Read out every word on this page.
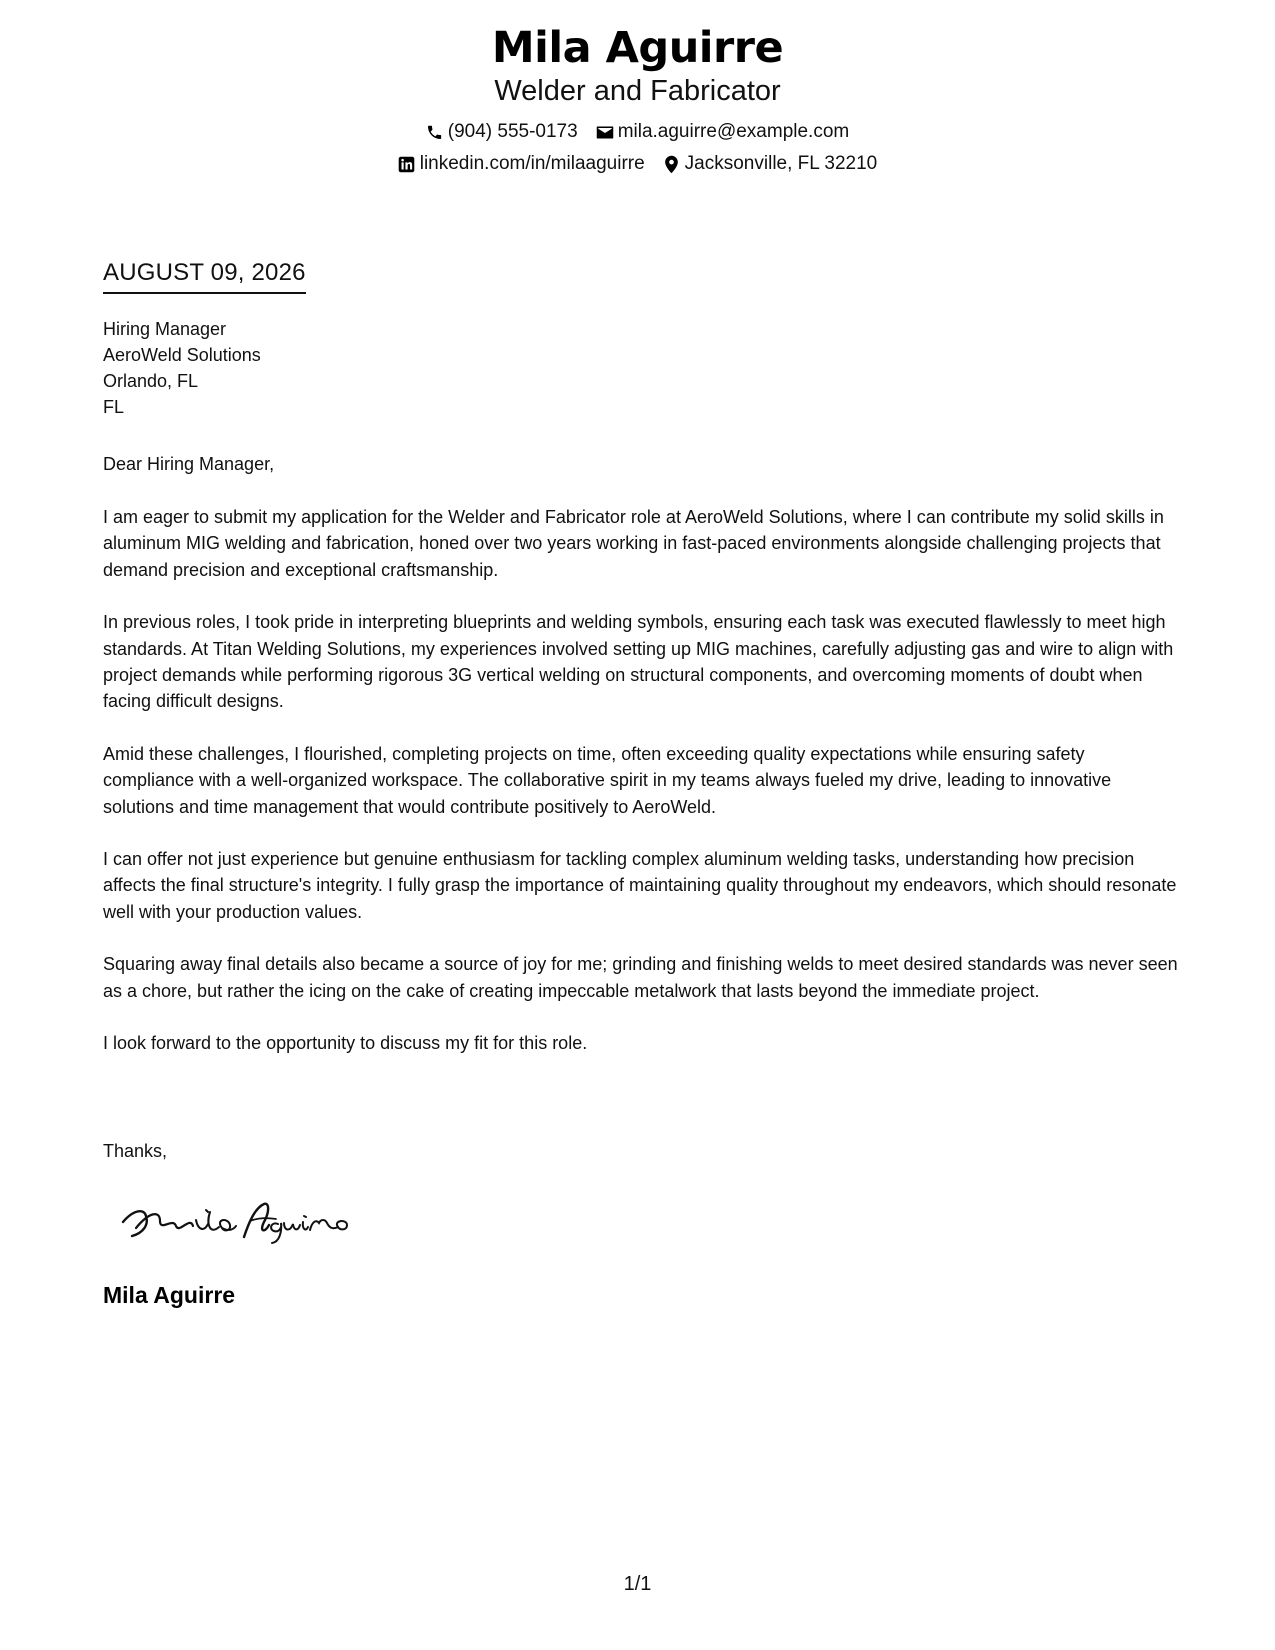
Mila Aguirre
Welder and Fabricator
(904) 555-0173 mila.aguirre@example.com
linkedin.com/in/milaaguirre Jacksonville, FL 32210
AUGUST 09, 2026
Hiring Manager
AeroWeld Solutions
Orlando, FL
FL
Dear Hiring Manager,

I am eager to submit my application for the Welder and Fabricator role at AeroWeld Solutions, where I can contribute my solid skills in aluminum MIG welding and fabrication, honed over two years working in fast-paced environments alongside challenging projects that demand precision and exceptional craftsmanship.

In previous roles, I took pride in interpreting blueprints and welding symbols, ensuring each task was executed flawlessly to meet high standards. At Titan Welding Solutions, my experiences involved setting up MIG machines, carefully adjusting gas and wire to align with project demands while performing rigorous 3G vertical welding on structural components, and overcoming moments of doubt when facing difficult designs.

Amid these challenges, I flourished, completing projects on time, often exceeding quality expectations while ensuring safety compliance with a well-organized workspace. The collaborative spirit in my teams always fueled my drive, leading to innovative solutions and time management that would contribute positively to AeroWeld.

I can offer not just experience but genuine enthusiasm for tackling complex aluminum welding tasks, understanding how precision affects the final structure's integrity. I fully grasp the importance of maintaining quality throughout my endeavors, which should resonate well with your production values.

Squaring away final details also became a source of joy for me; grinding and finishing welds to meet desired standards was never seen as a chore, but rather the icing on the cake of creating impeccable metalwork that lasts beyond the immediate project.

I look forward to the opportunity to discuss my fit for this role.

Thanks,
Mila Aguirre
1/1
